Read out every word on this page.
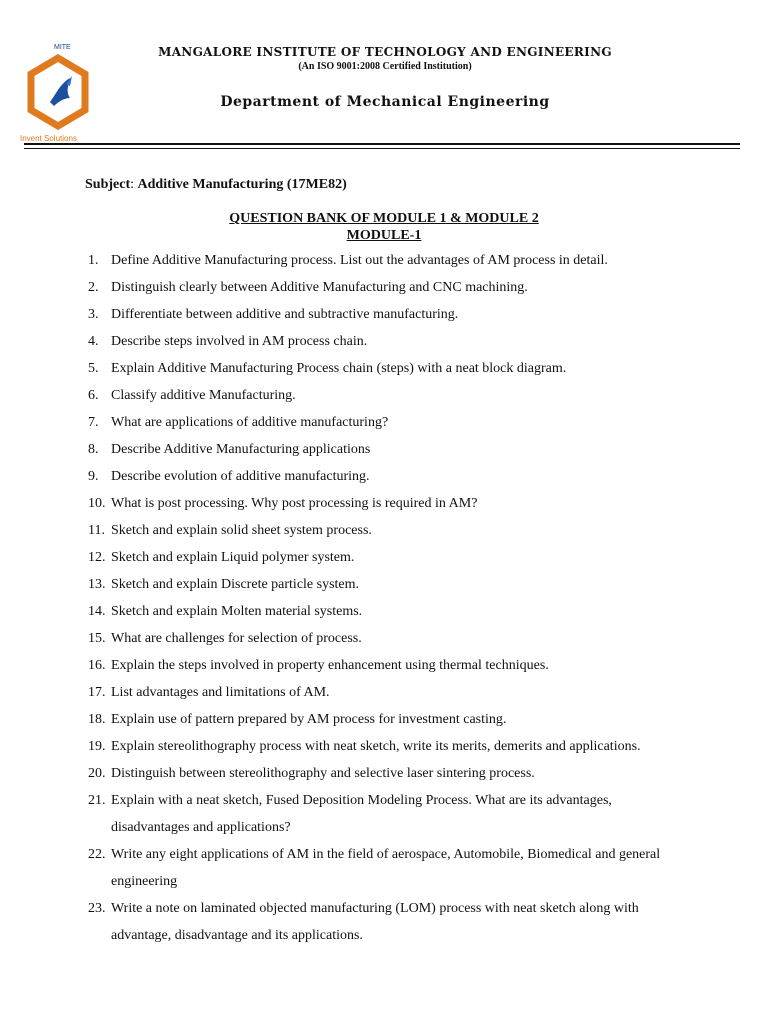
MITE
Invent Solutions
MANGALORE INSTITUTE OF TECHNOLOGY AND ENGINEERING
(An ISO 9001:2008 Certified Institution)
Department of Mechanical Engineering
Subject: Additive Manufacturing (17ME82)
QUESTION BANK OF MODULE 1 & MODULE 2
MODULE-1
1. Define Additive Manufacturing process. List out the advantages of AM process in detail.
2. Distinguish clearly between Additive Manufacturing and CNC machining.
3. Differentiate between additive and subtractive manufacturing.
4. Describe steps involved in AM process chain.
5. Explain Additive Manufacturing Process chain (steps) with a neat block diagram.
6. Classify additive Manufacturing.
7. What are applications of additive manufacturing?
8. Describe Additive Manufacturing applications
9. Describe evolution of additive manufacturing.
10. What is post processing. Why post processing is required in AM?
11. Sketch and explain solid sheet system process.
12. Sketch and explain Liquid polymer system.
13. Sketch and explain Discrete particle system.
14. Sketch and explain Molten material systems.
15. What are challenges for selection of process.
16. Explain the steps involved in property enhancement using thermal techniques.
17. List advantages and limitations of AM.
18. Explain use of pattern prepared by AM process for investment casting.
19. Explain stereolithography process with neat sketch, write its merits, demerits and applications.
20. Distinguish between stereolithography and selective laser sintering process.
21. Explain with a neat sketch, Fused Deposition Modeling Process. What are its advantages, disadvantages and applications?
22. Write any eight applications of AM in the field of aerospace, Automobile, Biomedical and general engineering
23. Write a note on laminated objected manufacturing (LOM) process with neat sketch along with advantage, disadvantage and its applications.
